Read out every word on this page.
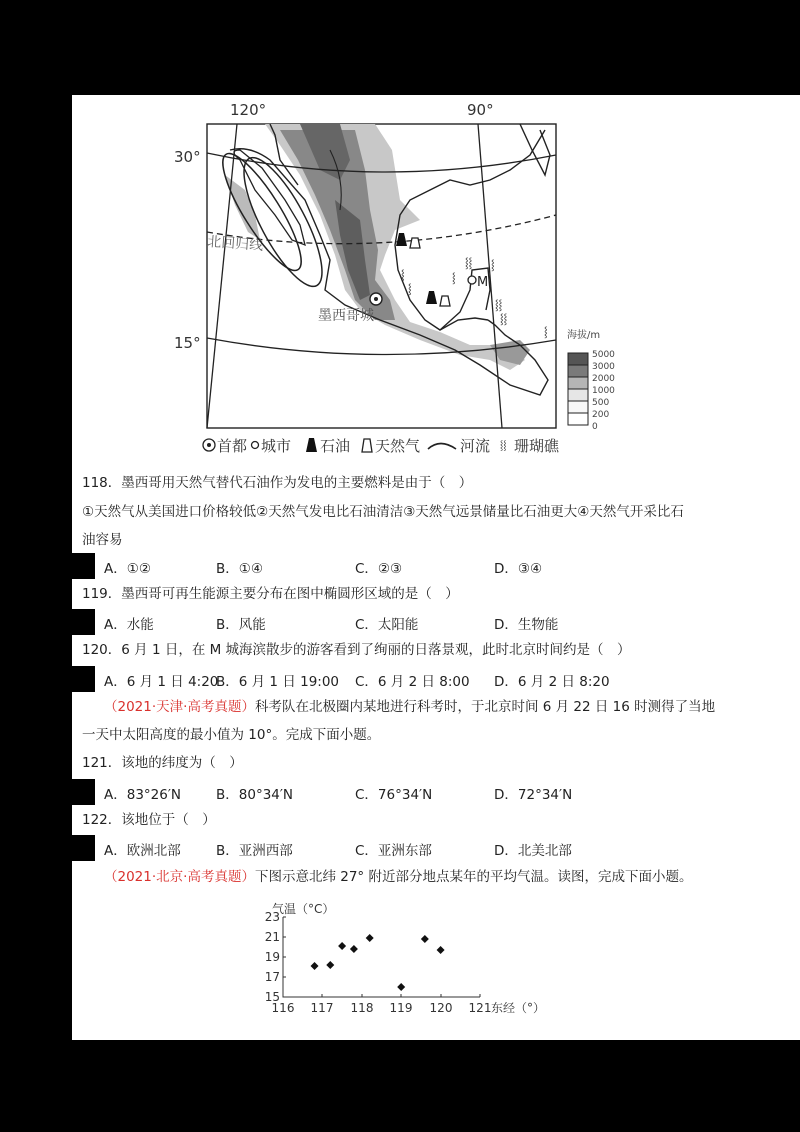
120°	90°
30°
15°
北回归线
墨西哥城
M
⸾⸾ ⸾
⸾
⸾
⸾
⸾⸾
⸾⸾
⸾ 海拔/m
5000
3000
2000
1000
500
200
0
首都 城市 石油 天然气	河流 ⸾⸾ 珊瑚礁
118．墨西哥用天然气替代石油作为发电的主要燃料是由于（　）
①天然气从美国进口价格较低②天然气发电比石油清洁③天然气远景储量比石油更大④天然气开采比石
油容易
A．①②	B．①④	C．②③	D．③④
119．墨西哥可再生能源主要分布在图中椭圆形区域的是（　）
A．水能	B．风能	C．太阳能	D．生物能
120．6 月 1 日，在 M 城海滨散步的游客看到了绚丽的日落景观，此时北京时间约是（　）
A．6 月 1 日 4:20
B．6 月 1 日 19:00 C．6 月 2 日 8:00 D．6 月 2 日 8:20
（2021·天津·高考真题）科考队在北极圈内某地进行科考时，于北京时间 6 月 22 日 16 时测得了当地
一天中太阳高度的最小值为 10°。完成下面小题。
121．该地的纬度为（　）
A．83°26′N	B．80°34′N	C．76°34′N	D．72°34′N
122．该地位于（　）
A．欧洲北部	B．亚洲西部	C．亚洲东部	D．北美北部
（2021·北京·高考真题）下图示意北纬 27° 附近部分地点某年的平均气温。读图，完成下面小题。
气温（°C）
15
17
19
21
23
116 117 118 119 120 121 东经（°）
